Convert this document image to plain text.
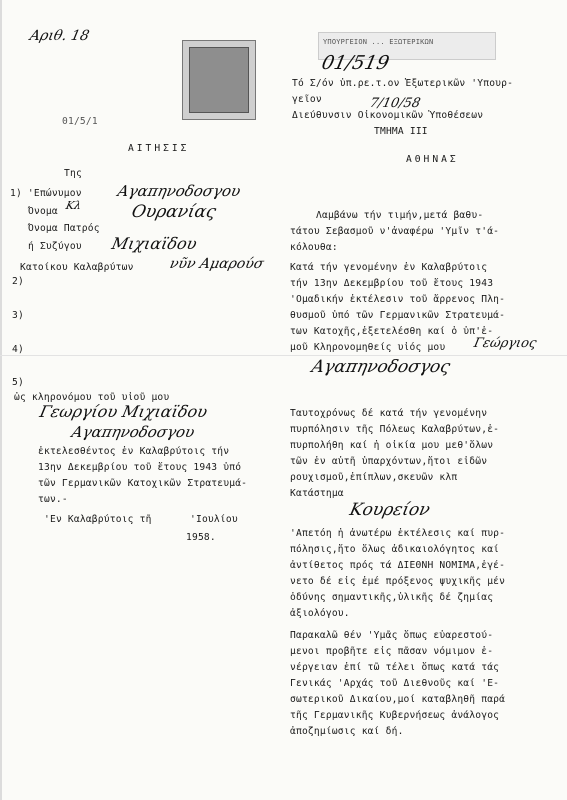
Αριθ. 18
01/5/1
ΥΠΟΥΡΓΕΙΟΝ ... ΕΞΩΤΕΡΙΚΩΝ
01/519
7/10/58
Τό Σ/όν ὑπ.ρε.τ.ον Ἐξωτερικῶν 'Υπουρ-
γεῖον
Διεύθυνσιν Οἰκονομικῶν Ὑποθέσεων
ΤΜΗΜΑ ΙΙΙ
ΑΘΗΝΑΣ
ΑΙΤΗΣΙΣ
Της
1) 'Επώνυμον Αγαπηνοδοσγου
Όνομα Κλ	Ουρανίας
Όνομα Πατρός
ή Συζύγου Μιχιαϊδου
Κατοίκου Καλαβρύτων νῦν Αμαρούσ
2)
3)
4)
5)
ὡς κληρονόμου τοῦ υἱοῦ μου
Γεωργίου Μιχιαϊδου
Αγαπηνοδοσγου
ἐκτελεσθέντος ἐν Καλαβρύτοις τήν
13ην Δεκεμβρίου τοῦ ἔτους 1943 ὑπό
τῶν Γερμανικῶν Κατοχικῶν Στρατευμά-
των.-
'Εν Καλαβρύτοις τῆ	'Ιουλίου
1958.
Λαμβάνω τήν τιμήν,μετά βαθυ-
τάτου Σεβασμοῦ ν'ἀναφέρω 'Υμῖν τ'ά-
κόλουθα:
Κατά τήν γενομένην ἐν Καλαβρύτοις
τήν 13ην Δεκεμβρίου τοῦ ἔτους 1943
'Ομαδικήν ἐκτέλεσιν τοῦ ἄρρενος Πλη-
θυσμοῦ ὑπό τῶν Γερμανικῶν Στρατευμά-
των Κατοχῆς,ἐξετελέσθη καί ὁ ὑπ'ἐ-
μοῦ Κληρονομηθείς υἱός μου Γεώργιος
Αγαπηνοδοσγος
Ταυτοχρόνως δέ κατά τήν γενομένην
πυρπόλησιν τῆς Πόλεως Καλαβρύτων,ἐ-
πυρπολήθη καί ἡ οἰκία μου μεθ'ὅλων
τῶν ἐν αὐτῆ ὑπαρχόντων,ἤτοι εἰδῶν
ρουχισμοῦ,ἐπίπλων,σκευῶν κλπ
Κατάστημα
Κουρείον
'Απετόη ἡ ἀνωτέρω ἐκτέλεσις καί πυρ-
πόλησις,ἥτο ὅλως ἀδικαιολόγητος καί
ἀντίθετος πρός τά ΔΙΕΘΝΗ ΝΟΜΙΜΑ,ἐγέ-
νετο δέ εἰς ἐμέ πρόξενος ψυχικῆς μέν
ὀδύνης σημαντικῆς,ὑλικῆς δέ ζημίας
ἀξιολόγου.
Παρακαλῶ θέν 'Υμᾶς ὅπως εὐαρεστού-
μενοι προβῆτε εἰς πᾶσαν νόμιμον ἐ-
νέργειαν ἐπί τῶ τέλει ὅπως κατά τάς
Γενικάς 'Αρχάς τοῦ Διεθνοῦς καί 'Ε-
σωτερικοῦ Δικαίου,μοί καταβληθῆ παρά
τῆς Γερμανικῆς Κυβερνήσεως ἀνάλογος
ἀποζημίωσις καί δή.
